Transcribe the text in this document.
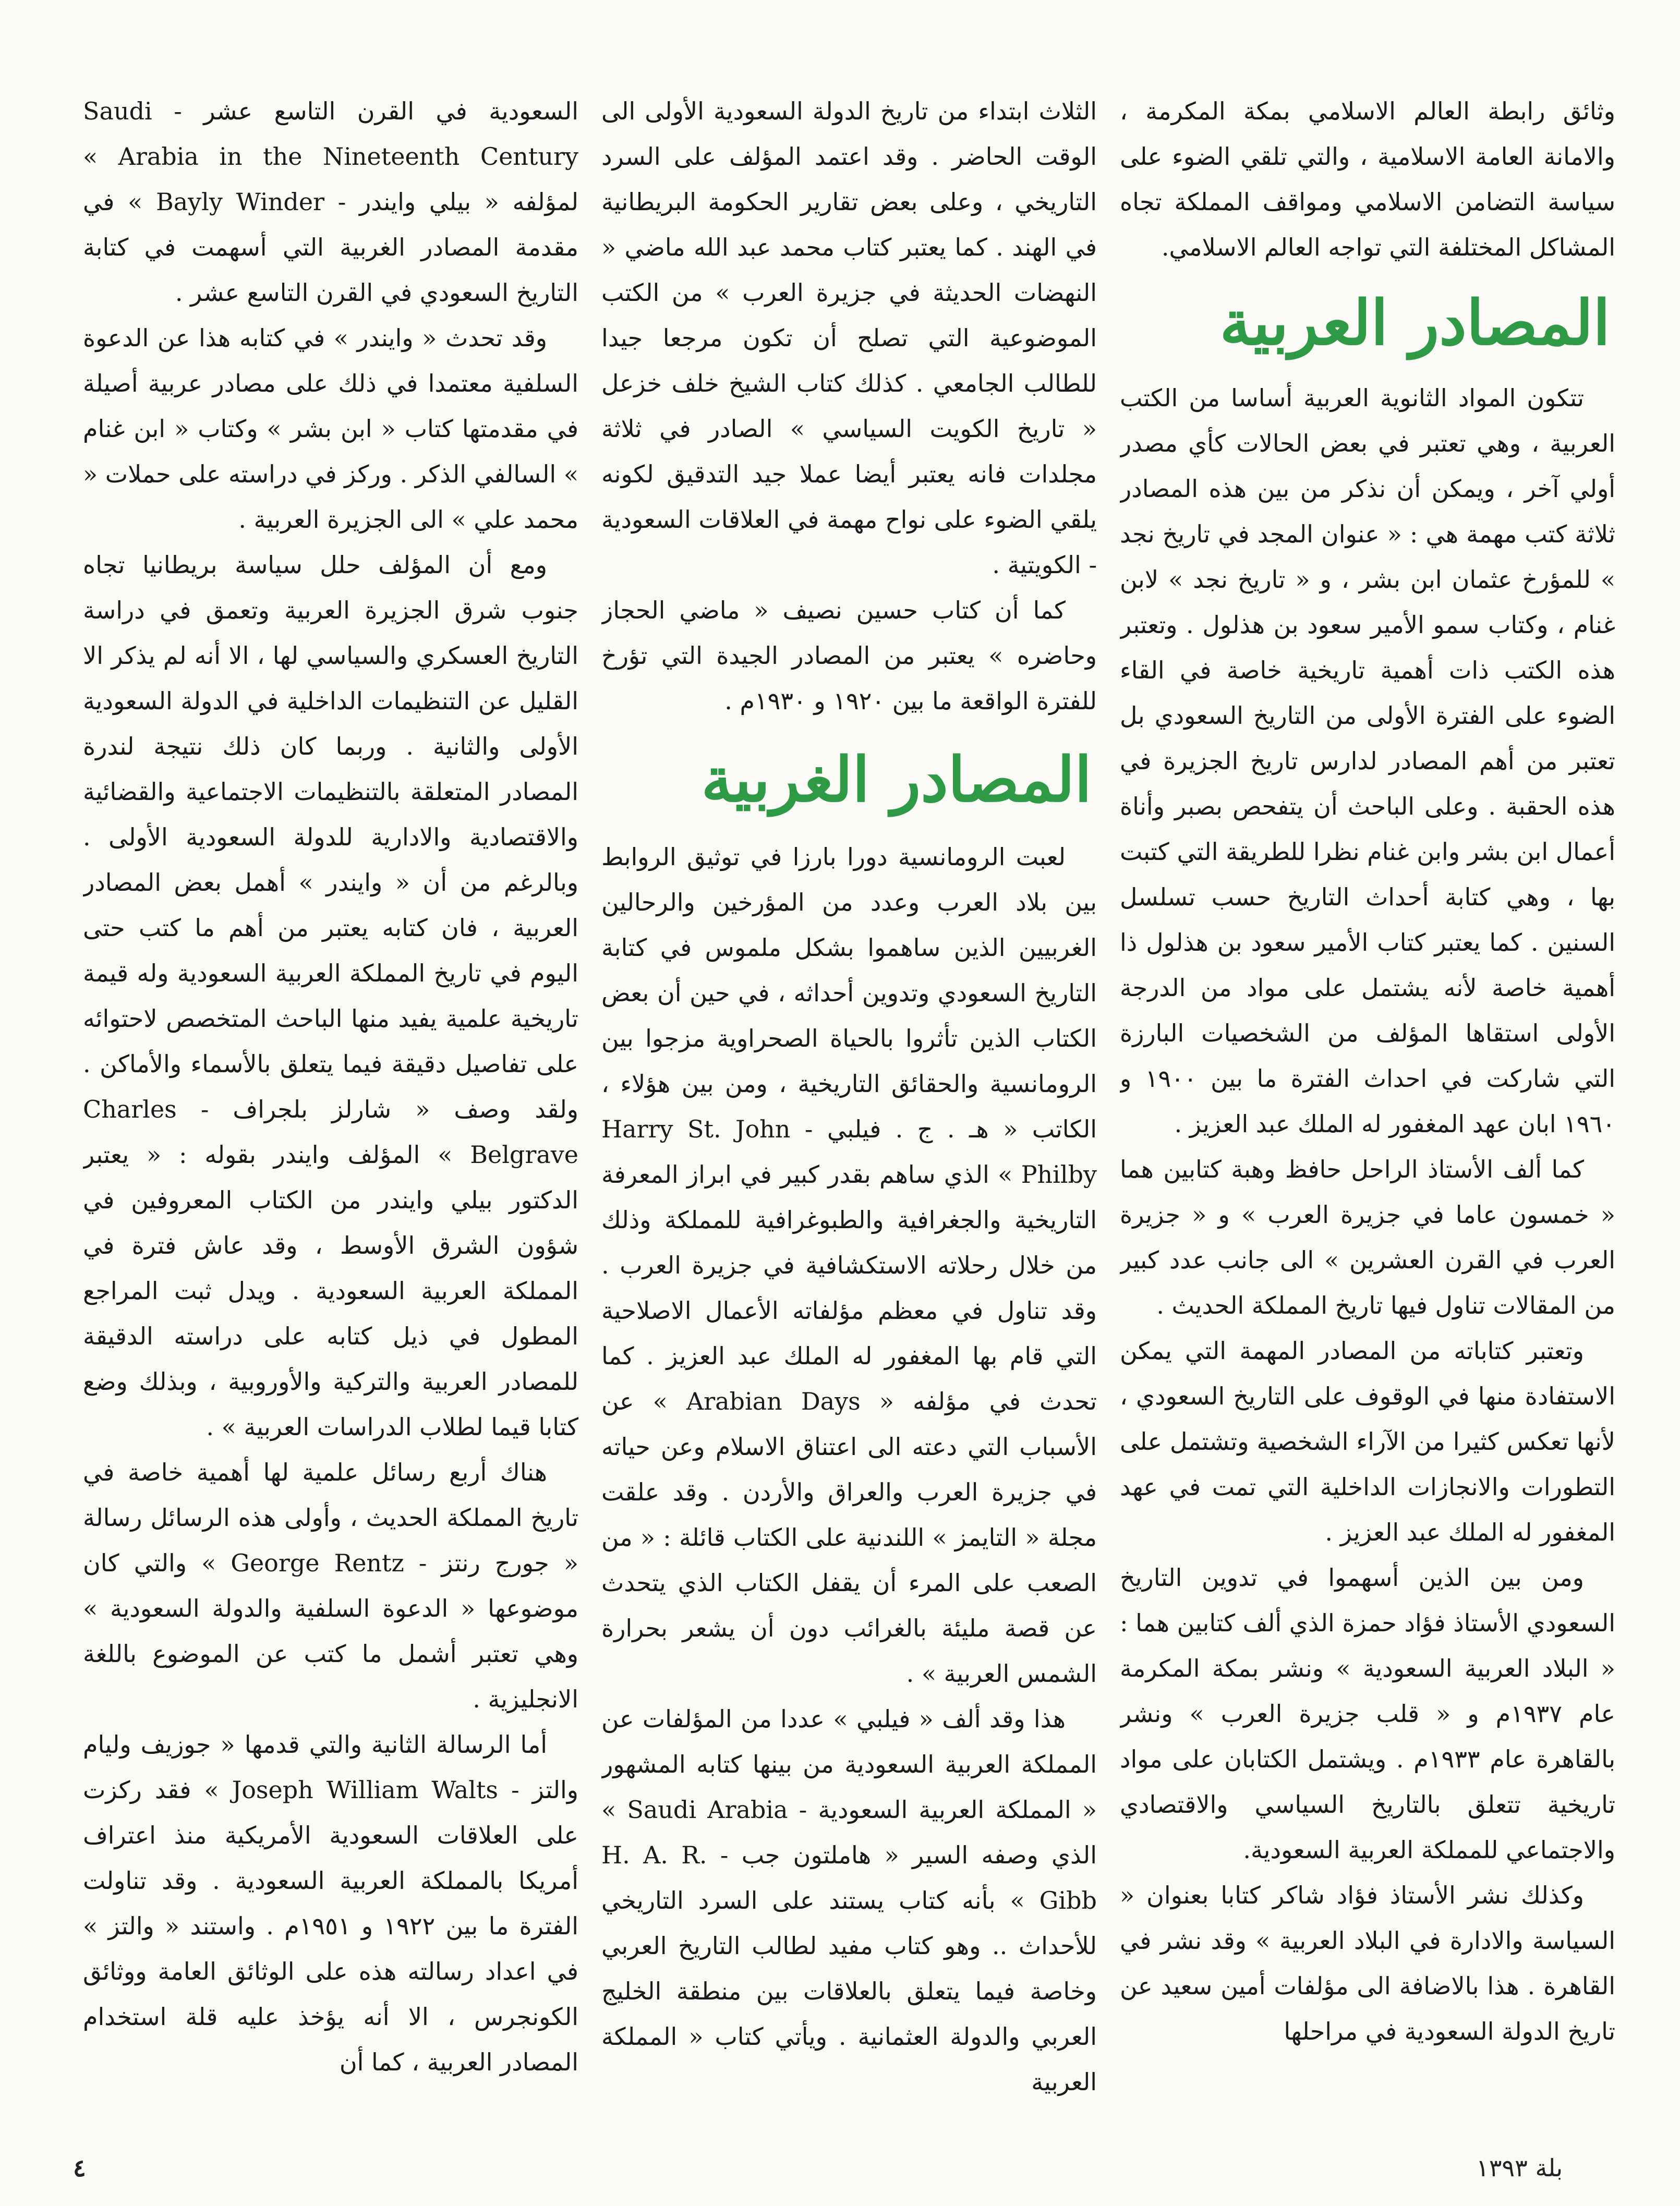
وثائق رابطة العالم الاسلامي بمكة المكرمة ، والامانة العامة الاسلامية ، والتي تلقي الضوء على سياسة التضامن الاسلامي ومواقف المملكة تجاه المشاكل المختلفة التي تواجه العالم الاسلامي.

المصادر العربية

تتكون المواد الثانوية العربية أساسا من الكتب العربية ، وهي تعتبر في بعض الحالات كأي مصدر أولي آخر ، ويمكن أن نذكر من بين هذه المصادر ثلاثة كتب مهمة هي : « عنوان المجد في تاريخ نجد » للمؤرخ عثمان ابن بشر ، و « تاريخ نجد » لابن غنام ، وكتاب سمو الأمير سعود بن هذلول . وتعتبر هذه الكتب ذات أهمية تاريخية خاصة في القاء الضوء على الفترة الأولى من التاريخ السعودي بل تعتبر من أهم المصادر لدارس تاريخ الجزيرة في هذه الحقبة . وعلى الباحث أن يتفحص بصبر وأناة أعمال ابن بشر وابن غنام نظرا للطريقة التي كتبت بها ، وهي كتابة أحداث التاريخ حسب تسلسل السنين . كما يعتبر كتاب الأمير سعود بن هذلول ذا أهمية خاصة لأنه يشتمل على مواد من الدرجة الأولى استقاها المؤلف من الشخصيات البارزة التي شاركت في احداث الفترة ما بين ١٩٠٠ و ١٩٦٠ ابان عهد المغفور له الملك عبد العزيز .

كما ألف الأستاذ الراحل حافظ وهبة كتابين هما « خمسون عاما في جزيرة العرب » و « جزيرة العرب في القرن العشرين » الى جانب عدد كبير من المقالات تناول فيها تاريخ المملكة الحديث .

وتعتبر كتاباته من المصادر المهمة التي يمكن الاستفادة منها في الوقوف على التاريخ السعودي ، لأنها تعكس كثيرا من الآراء الشخصية وتشتمل على التطورات والانجازات الداخلية التي تمت في عهد المغفور له الملك عبد العزيز .

ومن بين الذين أسهموا في تدوين التاريخ السعودي الأستاذ فؤاد حمزة الذي ألف كتابين هما : « البلاد العربية السعودية » ونشر بمكة المكرمة عام ١٩٣٧م و « قلب جزيرة العرب » ونشر بالقاهرة عام ١٩٣٣م . ويشتمل الكتابان على مواد تاريخية تتعلق بالتاريخ السياسي والاقتصادي والاجتماعي للمملكة العربية السعودية.

وكذلك نشر الأستاذ فؤاد شاكر كتابا بعنوان « السياسة والادارة في البلاد العربية » وقد نشر في القاهرة . هذا بالاضافة الى مؤلفات أمين سعيد عن تاريخ الدولة السعودية في مراحلها

الثلاث ابتداء من تاريخ الدولة السعودية الأولى الى الوقت الحاضر . وقد اعتمد المؤلف على السرد التاريخي ، وعلى بعض تقارير الحكومة البريطانية في الهند . كما يعتبر كتاب محمد عبد الله ماضي « النهضات الحديثة في جزيرة العرب » من الكتب الموضوعية التي تصلح أن تكون مرجعا جيدا للطالب الجامعي . كذلك كتاب الشيخ خلف خزعل « تاريخ الكويت السياسي » الصادر في ثلاثة مجلدات فانه يعتبر أيضا عملا جيد التدقيق لكونه يلقي الضوء على نواح مهمة في العلاقات السعودية - الكويتية .

كما أن كتاب حسين نصيف « ماضي الحجاز وحاضره » يعتبر من المصادر الجيدة التي تؤرخ للفترة الواقعة ما بين ١٩٢٠ و ١٩٣٠م .

المصادر الغربية

لعبت الرومانسية دورا بارزا في توثيق الروابط بين بلاد العرب وعدد من المؤرخين والرحالين الغربيين الذين ساهموا بشكل ملموس في كتابة التاريخ السعودي وتدوين أحداثه ، في حين أن بعض الكتاب الذين تأثروا بالحياة الصحراوية مزجوا بين الرومانسية والحقائق التاريخية ، ومن بين هؤلاء ، الكاتب « هـ . ج . فيلبي - Harry St. John Philby » الذي ساهم بقدر كبير في ابراز المعرفة التاريخية والجغرافية والطبوغرافية للمملكة وذلك من خلال رحلاته الاستكشافية في جزيرة العرب . وقد تناول في معظم مؤلفاته الأعمال الاصلاحية التي قام بها المغفور له الملك عبد العزيز . كما تحدث في مؤلفه « Arabian Days » عن الأسباب التي دعته الى اعتناق الاسلام وعن حياته في جزيرة العرب والعراق والأردن . وقد علقت مجلة « التايمز » اللندنية على الكتاب قائلة : « من الصعب على المرء أن يقفل الكتاب الذي يتحدث عن قصة مليئة بالغرائب دون أن يشعر بحرارة الشمس العربية » .

هذا وقد ألف « فيلبي » عددا من المؤلفات عن المملكة العربية السعودية من بينها كتابه المشهور « المملكة العربية السعودية - Saudi Arabia » الذي وصفه السير « هاملتون جب - H. A. R. Gibb » بأنه كتاب يستند على السرد التاريخي للأحداث .. وهو كتاب مفيد لطالب التاريخ العربي وخاصة فيما يتعلق بالعلاقات بين منطقة الخليج العربي والدولة العثمانية . ويأتي كتاب « المملكة العربية

السعودية في القرن التاسع عشر - Saudi Arabia in the Nineteenth Century » لمؤلفه « بيلي وايندر - Bayly Winder » في مقدمة المصادر الغربية التي أسهمت في كتابة التاريخ السعودي في القرن التاسع عشر .

وقد تحدث « وايندر » في كتابه هذا عن الدعوة السلفية معتمدا في ذلك على مصادر عربية أصيلة في مقدمتها كتاب « ابن بشر » وكتاب « ابن غنام » السالفي الذكر . وركز في دراسته على حملات « محمد علي » الى الجزيرة العربية .

ومع أن المؤلف حلل سياسة بريطانيا تجاه جنوب شرق الجزيرة العربية وتعمق في دراسة التاريخ العسكري والسياسي لها ، الا أنه لم يذكر الا القليل عن التنظيمات الداخلية في الدولة السعودية الأولى والثانية . وربما كان ذلك نتيجة لندرة المصادر المتعلقة بالتنظيمات الاجتماعية والقضائية والاقتصادية والادارية للدولة السعودية الأولى . وبالرغم من أن « وايندر » أهمل بعض المصادر العربية ، فان كتابه يعتبر من أهم ما كتب حتى اليوم في تاريخ المملكة العربية السعودية وله قيمة تاريخية علمية يفيد منها الباحث المتخصص لاحتوائه على تفاصيل دقيقة فيما يتعلق بالأسماء والأماكن . ولقد وصف « شارلز بلجراف - Charles Belgrave » المؤلف وايندر بقوله : « يعتبر الدكتور بيلي وايندر من الكتاب المعروفين في شؤون الشرق الأوسط ، وقد عاش فترة في المملكة العربية السعودية . ويدل ثبت المراجع المطول في ذيل كتابه على دراسته الدقيقة للمصادر العربية والتركية والأوروبية ، وبذلك وضع كتابا قيما لطلاب الدراسات العربية » .

هناك أربع رسائل علمية لها أهمية خاصة في تاريخ المملكة الحديث ، وأولى هذه الرسائل رسالة « جورج رنتز - George Rentz » والتي كان موضوعها « الدعوة السلفية والدولة السعودية » وهي تعتبر أشمل ما كتب عن الموضوع باللغة الانجليزية .

أما الرسالة الثانية والتي قدمها « جوزيف وليام والتز - Joseph William Walts » فقد ركزت على العلاقات السعودية الأمريكية منذ اعتراف أمريكا بالمملكة العربية السعودية . وقد تناولت الفترة ما بين ١٩٢٢ و ١٩٥١م . واستند « والتز » في اعداد رسالته هذه على الوثائق العامة ووثائق الكونجرس ، الا أنه يؤخذ عليه قلة استخدام المصادر العربية ، كما أن

٤	بلة ١٣٩٣
